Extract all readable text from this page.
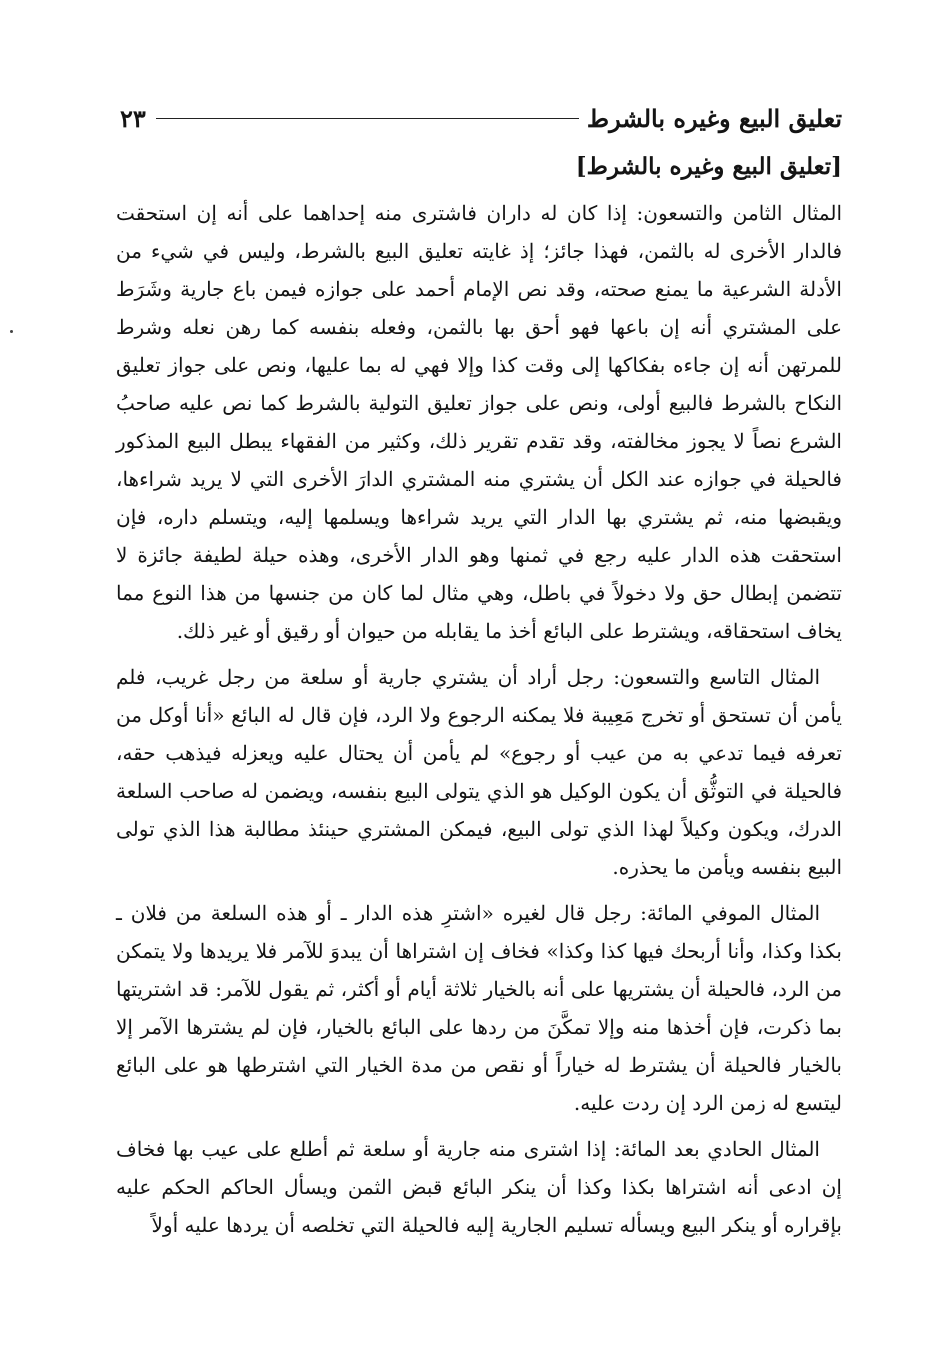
تعليق البيع وغيره بالشرط
٢٣
[تعليق البيع وغيره بالشرط]

المثال الثامن والتسعون: إذا كان له داران فاشترى منه إحداهما على أنه إن استحقت فالدار الأخرى له بالثمن، فهذا جائز؛ إذ غايته تعليق البيع بالشرط، وليس في شيء من الأدلة الشرعية ما يمنع صحته، وقد نص الإمام أحمد على جوازه فيمن باع جارية وشَرَط على المشتري أنه إن باعها فهو أحق بها بالثمن، وفعله بنفسه كما رهن نعله وشرط للمرتهن أنه إن جاءه بفكاكها إلى وقت كذا وإلا فهي له بما عليها، ونص على جواز تعليق النكاح بالشرط فالبيع أولى، ونص على جواز تعليق التولية بالشرط كما نص عليه صاحبُ الشرع نصاً لا يجوز مخالفته، وقد تقدم تقرير ذلك، وكثير من الفقهاء يبطل البيع المذكور فالحيلة في جوازه عند الكل أن يشتري منه المشتري الدارَ الأخرى التي لا يريد شراءها، ويقبضها منه، ثم يشتري بها الدار التي يريد شراءها ويسلمها إليه، ويتسلم داره، فإن استحقت هذه الدار عليه رجع في ثمنها وهو الدار الأخرى، وهذه حيلة لطيفة جائزة لا تتضمن إبطال حق ولا دخولاً في باطل، وهي مثال لما كان من جنسها من هذا النوع مما يخاف استحقاقه، ويشترط على البائع أخذ ما يقابله من حيوان أو رقيق أو غير ذلك.

المثال التاسع والتسعون: رجل أراد أن يشتري جارية أو سلعة من رجل غريب، فلم يأمن أن تستحق أو تخرج مَعِيبة فلا يمكنه الرجوع ولا الرد، فإن قال له البائع «أنا أوكل من تعرفه فيما تدعي به من عيب أو رجوع» لم يأمن أن يحتال عليه ويعزله فيذهب حقه، فالحيلة في التوثُّق أن يكون الوكيل هو الذي يتولى البيع بنفسه، ويضمن له صاحب السلعة الدرك، ويكون وكيلاً لهذا الذي تولى البيع، فيمكن المشتري حينئذ مطالبة هذا الذي تولى البيع بنفسه ويأمن ما يحذره.

المثال الموفي المائة: رجل قال لغيره «اشترِ هذه الدار ـ أو هذه السلعة من فلان ـ بكذا وكذا، وأنا أربحك فيها كذا وكذا» فخاف إن اشتراها أن يبدوَ للآمر فلا يريدها ولا يتمكن من الرد، فالحيلة أن يشتريها على أنه بالخيار ثلاثة أيام أو أكثر، ثم يقول للآمر: قد اشتريتها بما ذكرت، فإن أخذها منه وإلا تمكَّنَ من ردها على البائع بالخيار، فإن لم يشترها الآمر إلا بالخيار فالحيلة أن يشترط له خياراً أو نقص من مدة الخيار التي اشترطها هو على البائع ليتسع له زمن الرد إن ردت عليه.

المثال الحادي بعد المائة: إذا اشترى منه جارية أو سلعة ثم أطلع على عيب بها فخاف إن ادعى أنه اشتراها بكذا وكذا أن ينكر البائع قبض الثمن ويسأل الحاكم الحكم عليه بإقراره أو ينكر البيع ويسأله تسليم الجارية إليه فالحيلة التي تخلصه أن يردها عليه أولاً
